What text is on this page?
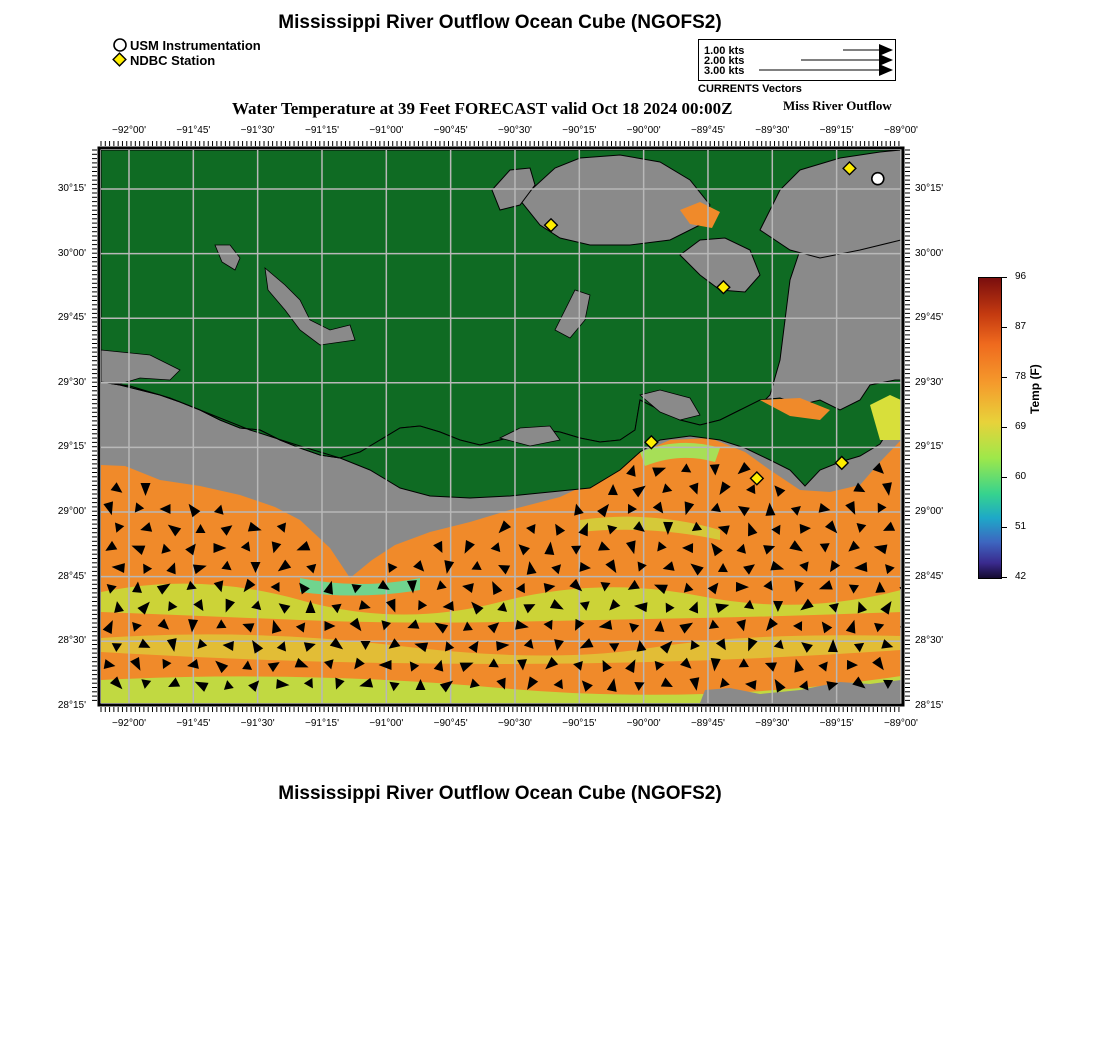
Mississippi River Outflow Ocean Cube (NGOFS2)
USM Instrumentation
NDBC Station
1.00 kts
2.00 kts
3.00 kts
CURRENTS Vectors
Water Temperature at 39 Feet FORECAST valid Oct 18 2024 00:00Z	Miss River Outflow
−92°00'	−91°45'	−91°30'	−91°15'	−91°00'	−90°45'	−90°30'	−90°15'	−90°00'	−89°45'	−89°30'	−89°15'	−89°00'
−92°00'	−91°45'	−91°30'	−91°15'	−91°00'	−90°45'	−90°30'	−90°15'	−90°00'	−89°45'	−89°30'	−89°15'	−89°00'
30°15'
30°00'
29°45'
29°30'
29°15'
29°00'
28°45'
28°30'
28°15'
30°15'
30°00'
29°45'
29°30'
29°15'
29°00'
28°45'
28°30'
28°15'
96
87
78
69
60
51
42
Temp (F)
Mississippi River Outflow Ocean Cube (NGOFS2)
